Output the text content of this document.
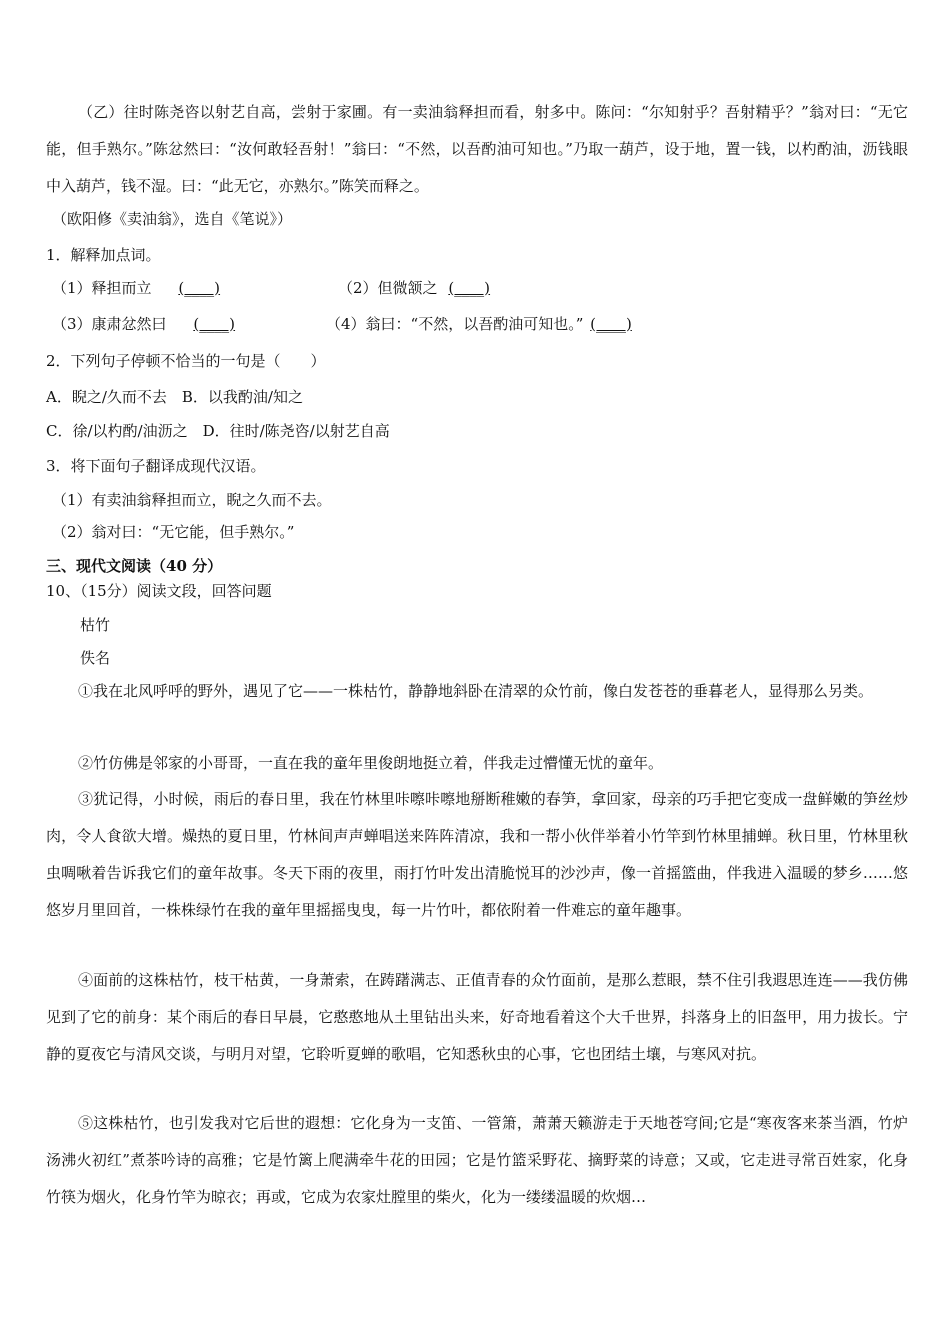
（乙）往时陈尧咨以射艺自高，尝射于家圃。有一卖油翁释担而看，射多中。陈问：“尔知射乎？吾射精乎？”翁对曰：“无它能，但手熟尔。”陈忿然曰：“汝何敢轻吾射！”翁曰：“不然，以吾酌油可知也。”乃取一葫芦，设于地，置一钱，以杓酌油，沥钱眼中入葫芦，钱不湿。曰：“此无它，亦熟尔。”陈笑而释之。
（欧阳修《卖油翁》，选自《笔说》）
1．解释加点词。
（1）释担而立 (____)	（2）但微颔之 (____)
（3）康肃忿然曰 (____)	（4）翁曰：“不然，以吾酌油可知也。” (____)
2．下列句子停顿不恰当的一句是（　　）
A．睨之/久而不去　B．以我酌油/知之
C．徐/以杓酌/油沥之　D．往时/陈尧咨/以射艺自高
3．将下面句子翻译成现代汉语。
（1）有卖油翁释担而立，睨之久而不去。
（2）翁对曰：“无它能，但手熟尔。”
三、现代文阅读（40 分）
10、（15分）阅读文段，回答问题
枯竹
佚名
①我在北风呼呼的野外，遇见了它——一株枯竹，静静地斜卧在清翠的众竹前，像白发苍苍的垂暮老人，显得那么另类。
②竹仿佛是邻家的小哥哥，一直在我的童年里俊朗地挺立着，伴我走过懵懂无忧的童年。
③犹记得，小时候，雨后的春日里，我在竹林里咔嚓咔嚓地掰断稚嫩的春笋，拿回家，母亲的巧手把它变成一盘鲜嫩的笋丝炒肉，令人食欲大增。燥热的夏日里，竹林间声声蝉唱送来阵阵清凉，我和一帮小伙伴举着小竹竿到竹林里捕蝉。秋日里，竹林里秋虫啁啾着告诉我它们的童年故事。冬天下雨的夜里，雨打竹叶发出清脆悦耳的沙沙声，像一首摇篮曲，伴我进入温暖的梦乡……悠悠岁月里回首，一株株绿竹在我的童年里摇摇曳曳，每一片竹叶，都依附着一件难忘的童年趣事。
④面前的这株枯竹，枝干枯黄，一身萧索，在踌躇满志、正值青春的众竹面前，是那么惹眼，禁不住引我遐思连连——我仿佛见到了它的前身：某个雨后的春日早晨，它憨憨地从土里钻出头来，好奇地看着这个大千世界，抖落身上的旧盔甲，用力拔长。宁静的夏夜它与清风交谈，与明月对望，它聆听夏蝉的歌唱，它知悉秋虫的心事，它也团结土壤，与寒风对抗。
⑤这株枯竹，也引发我对它后世的遐想：它化身为一支笛、一管箫，萧萧天籁游走于天地苍穹间;它是“寒夜客来茶当酒，竹炉汤沸火初红”煮茶吟诗的高雅；它是竹篱上爬满牵牛花的田园；它是竹篮采野花、摘野菜的诗意；又或，它走进寻常百姓家，化身竹筷为烟火，化身竹竿为晾衣；再或，它成为农家灶膛里的柴火，化为一缕缕温暖的炊烟…
